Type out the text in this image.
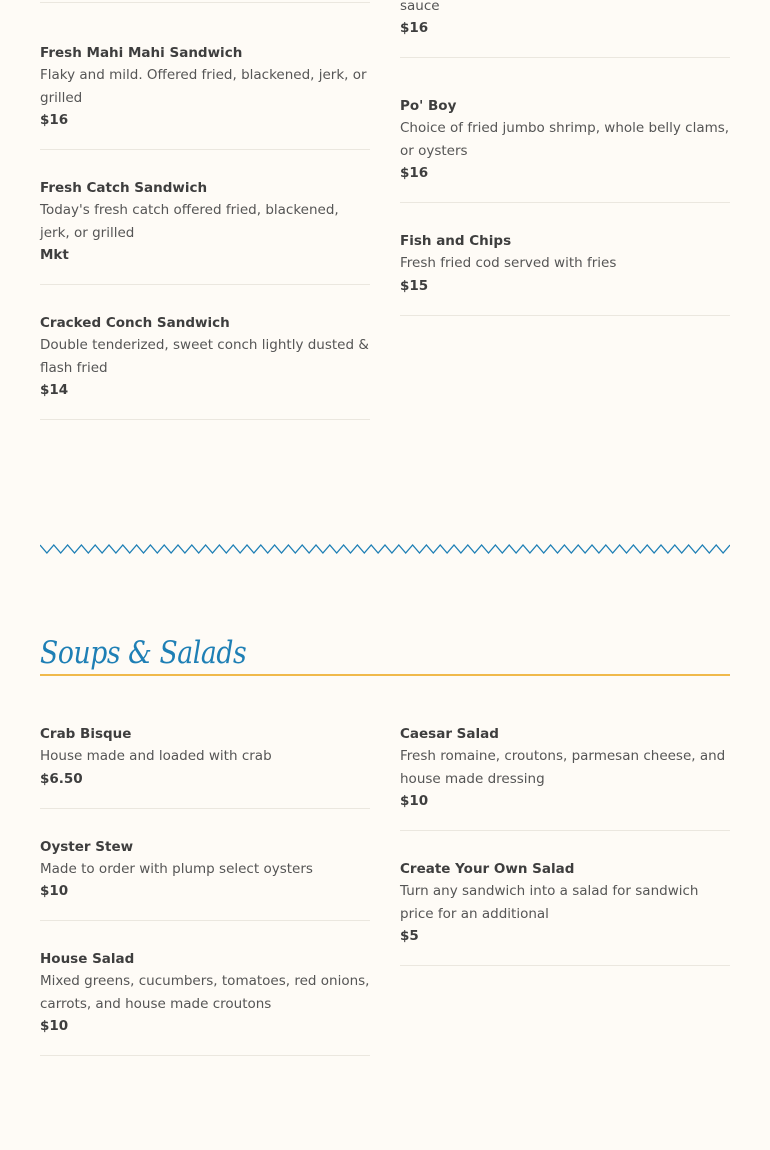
Fresh Mahi Mahi Sandwich
Flaky and mild. Offered fried, blackened, jerk, or grilled
$16
Fresh Catch Sandwich
Today's fresh catch offered fried, blackened, jerk, or grilled
Mkt
Cracked Conch Sandwich
Double tenderized, sweet conch lightly dusted & flash fried
$14
sauce
$16
Po' Boy
Choice of fried jumbo shrimp, whole belly clams, or oysters
$16
Fish and Chips
Fresh fried cod served with fries
$15
Soups & Salads
Crab Bisque
House made and loaded with crab
$6.50
Oyster Stew
Made to order with plump select oysters
$10
House Salad
Mixed greens, cucumbers, tomatoes, red onions, carrots, and house made croutons
$10
Caesar Salad
Fresh romaine, croutons, parmesan cheese, and house made dressing
$10
Create Your Own Salad
Turn any sandwich into a salad for sandwich price for an additional
$5
